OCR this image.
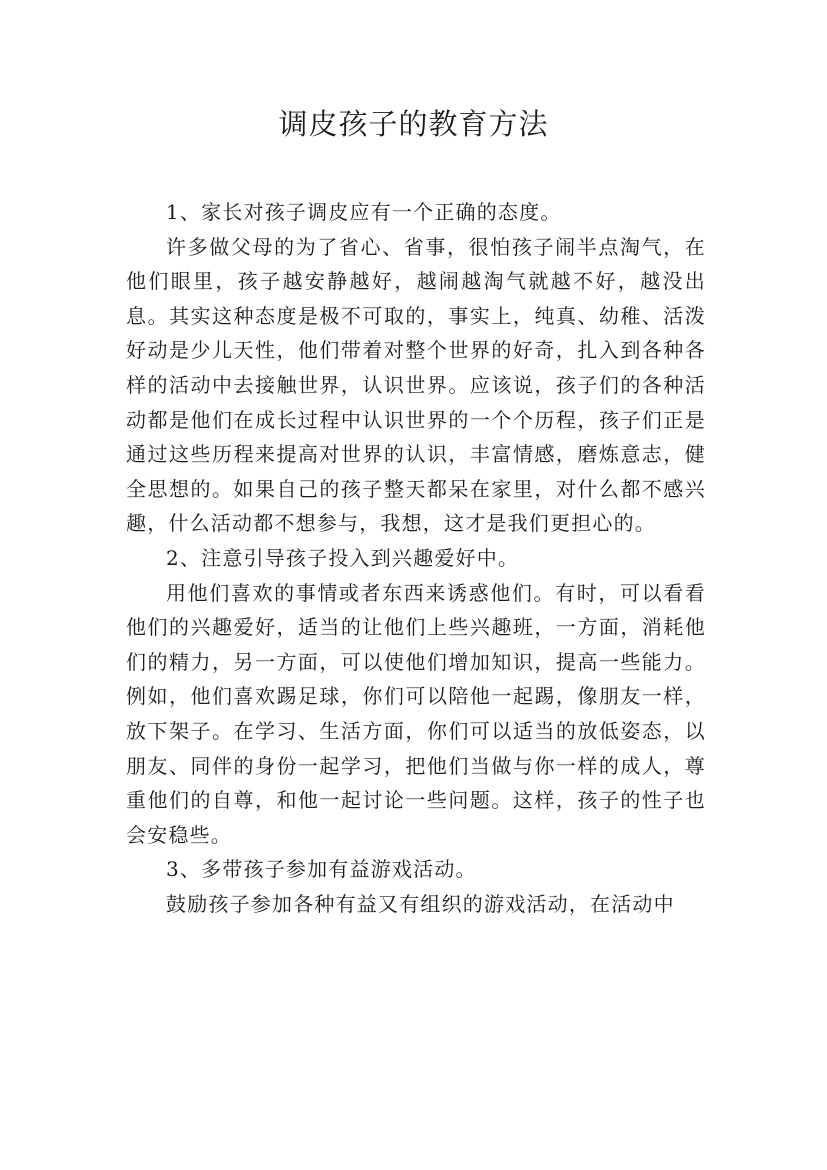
调皮孩子的教育方法

1、家长对孩子调皮应有一个正确的态度。

许多做父母的为了省心、省事，很怕孩子闹半点淘气，在他们眼里，孩子越安静越好，越闹越淘气就越不好，越没出息。其实这种态度是极不可取的，事实上，纯真、幼稚、活泼好动是少儿天性，他们带着对整个世界的好奇，扎入到各种各样的活动中去接触世界，认识世界。应该说，孩子们的各种活动都是他们在成长过程中认识世界的一个个历程，孩子们正是通过这些历程来提高对世界的认识，丰富情感，磨炼意志，健全思想的。如果自己的孩子整天都呆在家里，对什么都不感兴趣，什么活动都不想参与，我想，这才是我们更担心的。

2、注意引导孩子投入到兴趣爱好中。

用他们喜欢的事情或者东西来诱惑他们。有时，可以看看他们的兴趣爱好，适当的让他们上些兴趣班，一方面，消耗他们的精力，另一方面，可以使他们增加知识，提高一些能力。例如，他们喜欢踢足球，你们可以陪他一起踢，像朋友一样，放下架子。在学习、生活方面，你们可以适当的放低姿态，以朋友、同伴的身份一起学习，把他们当做与你一样的成人，尊重他们的自尊，和他一起讨论一些问题。这样，孩子的性子也会安稳些。

3、多带孩子参加有益游戏活动。

鼓励孩子参加各种有益又有组织的游戏活动，在活动中
